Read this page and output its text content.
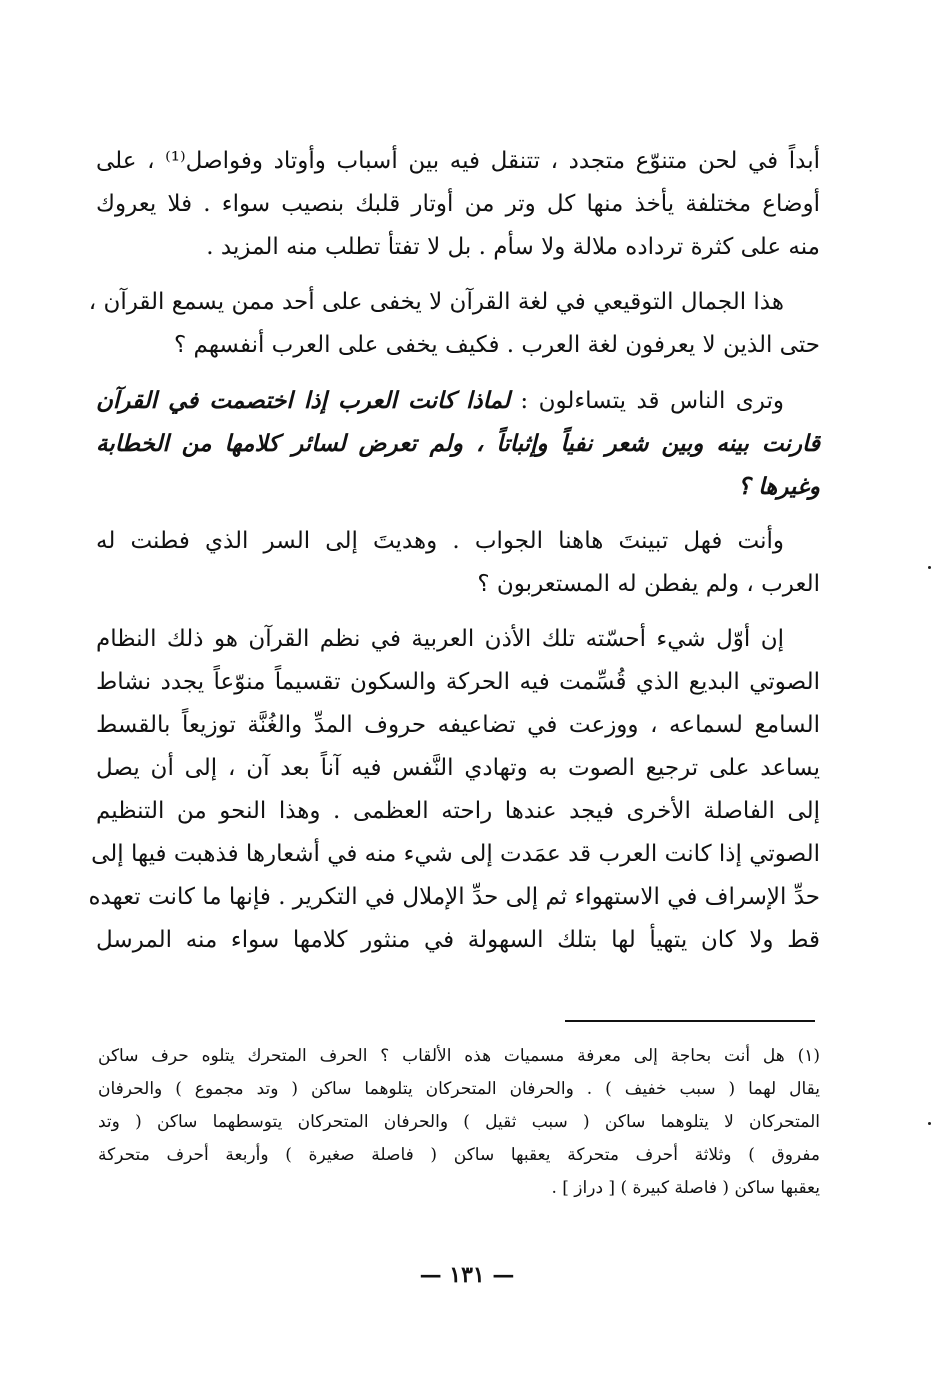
أبداً في لحن متنوّع متجدد ، تتنقل فيه بين أسباب وأوتاد وفواصل⁽¹⁾ ، على
أوضاع مختلفة يأخذ منها كل وتر من أوتار قلبك بنصيب سواء . فلا يعروك
منه على كثرة ترداده ملالة ولا سأم . بل لا تفتأ تطلب منه المزيد .
هذا الجمال التوقيعي في لغة القرآن لا يخفى على أحد ممن يسمع القرآن ،
حتى الذين لا يعرفون لغة العرب . فكيف يخفى على العرب أنفسهم ؟
وترى الناس قد يتساءلون : لماذا كانت العرب إذا اختصمت في القرآن
قارنت بينه وبين شعر نفياً وإثباتاً ، ولم تعرض لسائر كلامها من الخطابة
وغيرها ؟
وأنت فهل تبينتَ هاهنا الجواب . وهديتَ إلى السر الذي فطنت له
العرب ، ولم يفطن له المستعربون ؟
إن أوّل شيء أحسّته تلك الأذن العربية في نظم القرآن هو ذلك النظام
الصوتي البديع الذي قُسِّمت فيه الحركة والسكون تقسيماً منوّعاً يجدد نشاط
السامع لسماعه ، ووزعت في تضاعيفه حروف المدِّ والغُنَّة توزيعاً بالقسط
يساعد على ترجيع الصوت به وتهادي النَّفس فيه آناً بعد آن ، إلى أن يصل
إلى الفاصلة الأخرى فيجد عندها راحته العظمى . وهذا النحو من التنظيم
الصوتي إذا كانت العرب قد عمَدت إلى شيء منه في أشعارها فذهبت فيها إلى
حدِّ الإسراف في الاستهواء ثم إلى حدِّ الإملال في التكرير . فإنها ما كانت تعهده
قط ولا كان يتهيأ لها بتلك السهولة في منثور كلامها سواء منه المرسل
(١) هل أنت بحاجة إلى معرفة مسميات هذه الألقاب ؟ الحرف المتحرك يتلوه حرف ساكن
يقال لهما ( سبب خفيف ) . والحرفان المتحركان يتلوهما ساكن ( وتد مجموع ) والحرفان
المتحركان لا يتلوهما ساكن ( سبب ثقيل ) والحرفان المتحركان يتوسطهما ساكن ( وتد
مفروق ) وثلاثة أحرف متحركة يعقبها ساكن ( فاصلة صغيرة ) وأربعة أحرف متحركة
يعقبها ساكن ( فاصلة كبيرة ) [ دراز ] .
— ١٣١ —
